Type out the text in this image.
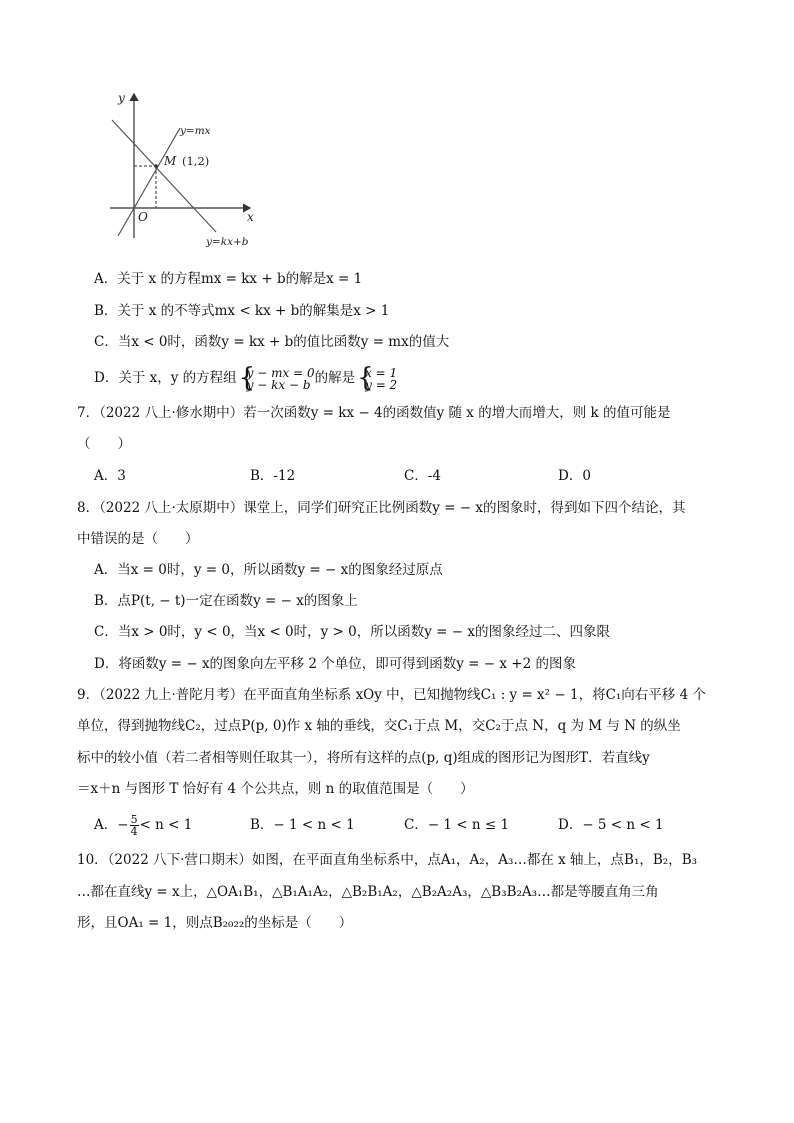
y
x
O
y=mx
y=kx+b
M (1,2)
A．关于 x 的方程mx = kx + b的解是x = 1
B．关于 x 的不等式mx < kx + b的解集是x > 1
C．当x < 0时，函数y = kx + b的值比函数y = mx的值大
D．关于 x，y 的方程组 {
y − mx = 0
y − kx − b 的解是 {
x = 1
y = 2
7．（2022 八上·修水期中）若一次函数y = kx − 4的函数值y 随 x 的增大而增大，则 k 的值可能是
（　　）
A．3	B．-12	C．-4	D．0
8．（2022 八上·太原期中）课堂上，同学们研究正比例函数y = − x的图象时，得到如下四个结论，其
中错误的是（　　）
A．当x = 0时，y = 0，所以函数y = − x的图象经过原点
B．点P(t, − t)一定在函数y = − x的图象上
C．当x > 0时，y < 0，当x < 0时，y > 0，所以函数y = − x的图象经过二、四象限
D．将函数y = − x的图象向左平移 2 个单位，即可得到函数y = − x +2 的图象
9．（2022 九上·普陀月考）在平面直角坐标系 xOy 中，已知抛物线C₁ : y = x² − 1，将C₁向右平移 4 个
单位，得到抛物线C₂，过点P(p, 0)作 x 轴的垂线，交C₁于点 M，交C₂于点 N，q 为 M 与 N 的纵坐
标中的较小值（若二者相等则任取其一），将所有这样的点(p, q)组成的图形记为图形T．若直线y
＝x＋n 与图形 T 恰好有 4 个公共点，则 n 的取值范围是（　　）
A．− $\frac{5}{4} < n < 1$	B．− 1 < n < 1	C．− 1 < n ≤ 1	D．− 5 < n < 1
10．（2022 八下·营口期末）如图，在平面直角坐标系中，点A₁，A₂，A₃…都在 x 轴上，点B₁，B₂，B₃
…都在直线y = x上，△OA₁B₁，△B₁A₁A₂，△B₂B₁A₂，△B₂A₂A₃，△B₃B₂A₃…都是等腰直角三角
形，且OA₁ = 1，则点B₂₀₂₂的坐标是（　　）
